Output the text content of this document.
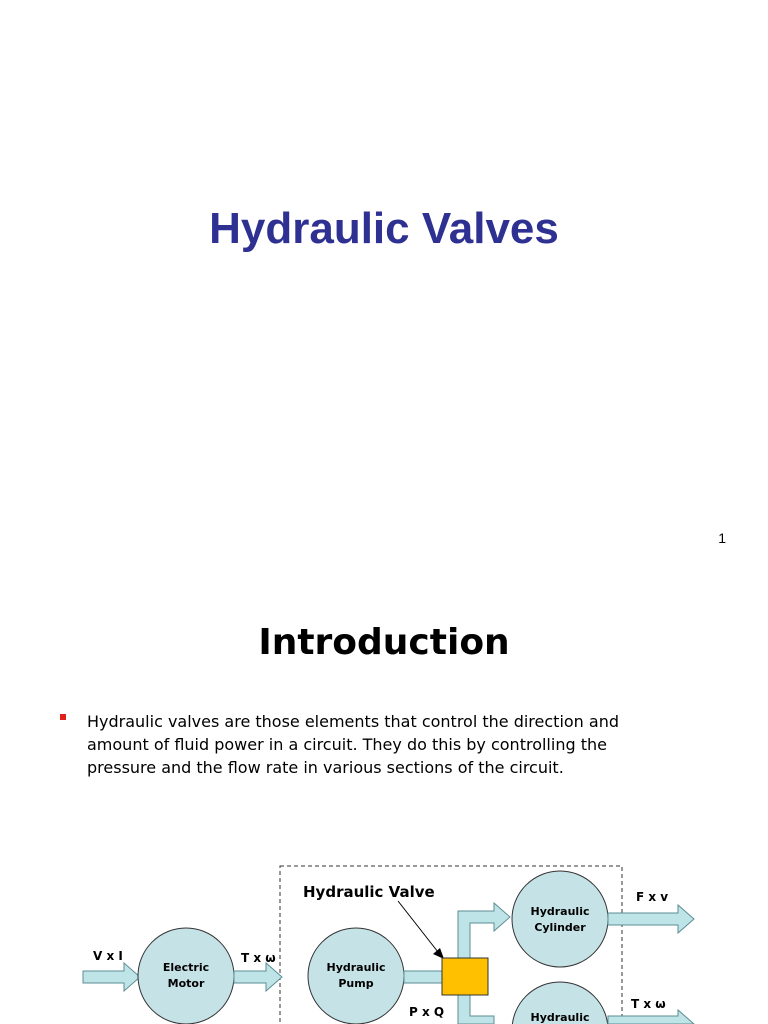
Hydraulic Valves
1
Introduction

Hydraulic valves are those elements that control the direction and amount of fluid power in a circuit. They do this by controlling the pressure and the flow rate in various sections of the circuit.

V x I
Electric
Motor
T x ω
Hydraulic
Pump
P x Q
Hydraulic Valve
Hydraulic
Cylinder
F x v
Hydraulic
T x ω
